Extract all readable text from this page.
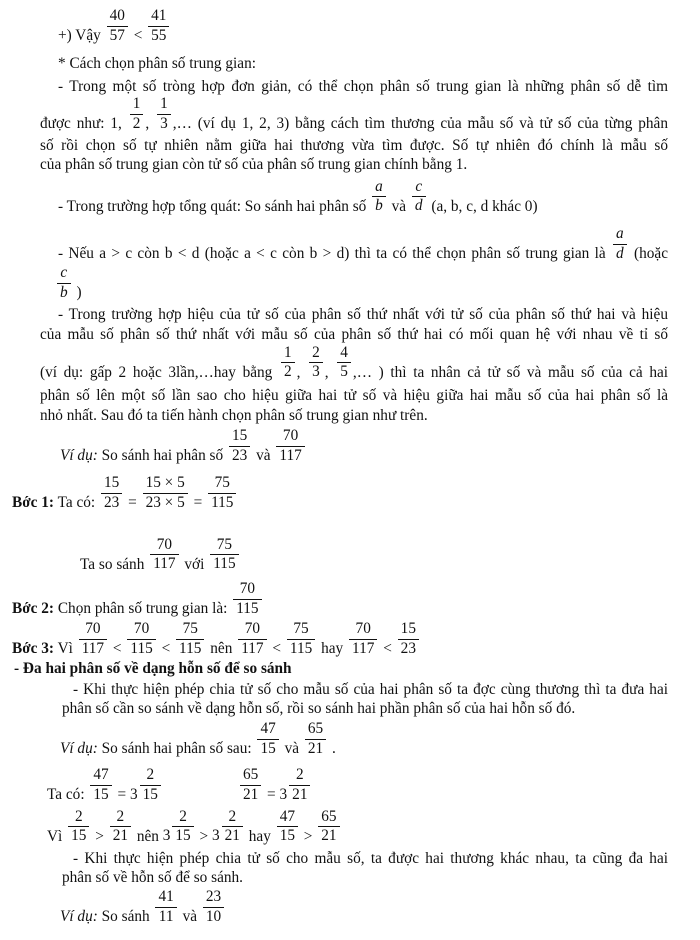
+) Vậy $\frac{40}{57} < \frac{41}{55}$
* Cách chọn phân số trung gian:
- Trong một số tròng hợp đơn giản, có thể chọn phân số trung gian là những phân số dễ tìm
được như: 1, $\frac{1}{2}$ , $\frac{1}{3}$ ,… (ví dụ 1, 2, 3) bằng cách tìm thương của mẫu số và tử số của từng phân
số rồi chọn số tự nhiên nằm giữa hai thương vừa tìm được. Số tự nhiên đó chính là mẫu số
của phân số trung gian còn tử số của phân số trung gian chính bằng 1.
- Trong trường hợp tổng quát: So sánh hai phân số $\frac{a}{b}$ và $\frac{c}{d} (a$, b, c, d khác 0)
- Nếu a > c còn b < d (hoặc a < c còn b > d) thì ta có thể chọn phân số trung gian là $\frac{a}{d}$ (hoặc
$\frac{c}{b}$ )
- Trong trường hợp hiệu của tử số của phân số thứ nhất với tử số của phân số thứ hai và hiệu
của mẫu số phân số thứ nhất với mẫu số của phân số thứ hai có mối quan hệ với nhau về tỉ số
(ví dụ: gấp 2 hoặc 3lần,…hay bằng $\frac{1}{2}$ , $\frac{2}{3}$ , $\frac{4}{5}$ ,… ) thì ta nhân cả tử số và mẫu số của cả hai
phân số lên một số lần sao cho hiệu giữa hai tử số và hiệu giữa hai mẫu số của hai phân số là
nhỏ nhất. Sau đó ta tiến hành chọn phân số trung gian như trên.
Ví dụ: So sánh hai phân số $\frac{15}{23}$ và $\frac{70}{117}$
Bớc 1: Ta có: $\frac{15}{23} = \frac{15 \times 5}{23 \times 5} = \frac{75}{115}$
Ta so sánh $\frac{70}{117}$ với $\frac{75}{115}$
Bớc 2: Chọn phân số trung gian là: $\frac{70}{115}$
Bớc 3: Vì $\frac{70}{117} < \frac{70}{115} < \frac{75}{115}$ nên $\frac{70}{117} < \frac{75}{115}$ hay $\frac{70}{117} < \frac{15}{23}$
- Đa hai phân số về dạng hỗn số để so sánh
- Khi thực hiện phép chia tử số cho mẫu số của hai phân số ta đợc cùng thương thì ta đưa hai
phân số cần so sánh về dạng hỗn số, rồi so sánh hai phần phân số của hai hỗn số đó.
Ví dụ: So sánh hai phân số sau: $\frac{47}{15}$ và $\frac{65}{21}$ .
Ta có: $\frac{47}{15} = 3 \frac{2}{15}$	$\frac{65}{21} = 3 \frac{2}{21}$
Vì $\frac{2}{15} > \frac{2}{21}$ nên $3 \frac{2}{15} > 3 \frac{2}{21}$ hay $\frac{47}{15} > \frac{65}{21}$
- Khi thực hiện phép chia tử số cho mẫu số, ta được hai thương khác nhau, ta cũng đa hai
phân số về hỗn số để so sánh.
Ví dụ: So sánh $\frac{41}{11}$ và $\frac{23}{10}$
